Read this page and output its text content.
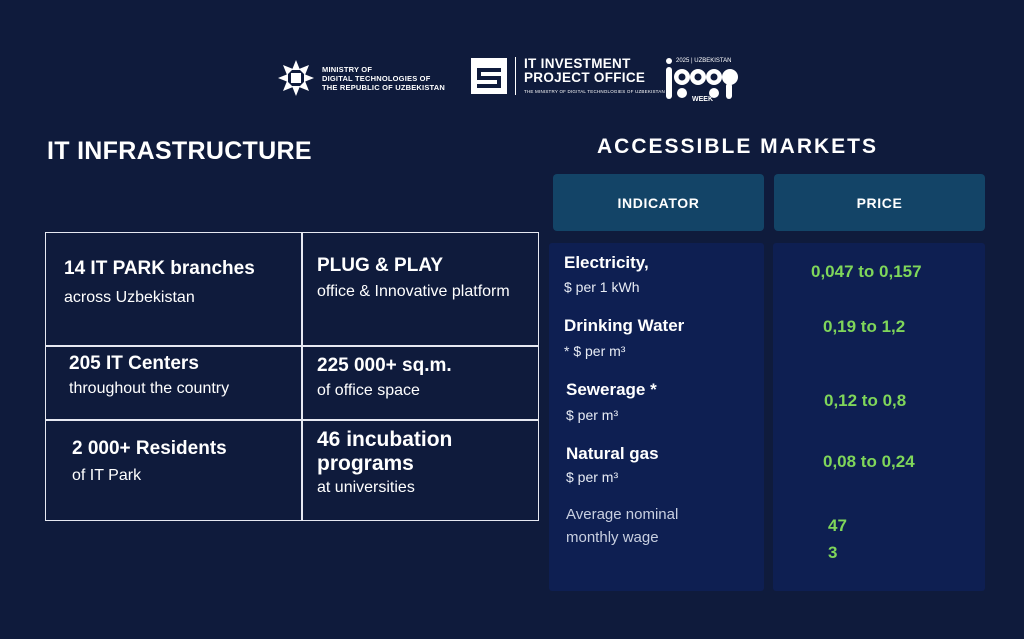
MINISTRY OF
DIGITAL TECHNOLOGIES OF
THE REPUBLIC OF UZBEKISTAN
IT INVESTMENT
PROJECT OFFICE
THE MINISTRY OF DIGITAL TECHNOLOGIES OF UZBEKISTAN
2025 | UZBEKISTAN
WEEK
IT INFRASTRUCTURE
14 IT PARK branches
across Uzbekistan
PLUG & PLAY
office & Innovative platform
205 IT Centers
throughout the country
225 000+ sq.m.
of office space
2 000+ Residents
of IT Park
46 incubation programs
at universities
ACCESSIBLE MARKETS
INDICATOR	PRICE
Electricity,
$ per 1 kWh
Drinking Water
* $ per m³
Sewerage *
$ per m³
Natural gas
$ per m³
Average nominal monthly wage
0,047 to 0,157
0,19 to 1,2
0,12 to 0,8
0,08 to 0,24
47 3
